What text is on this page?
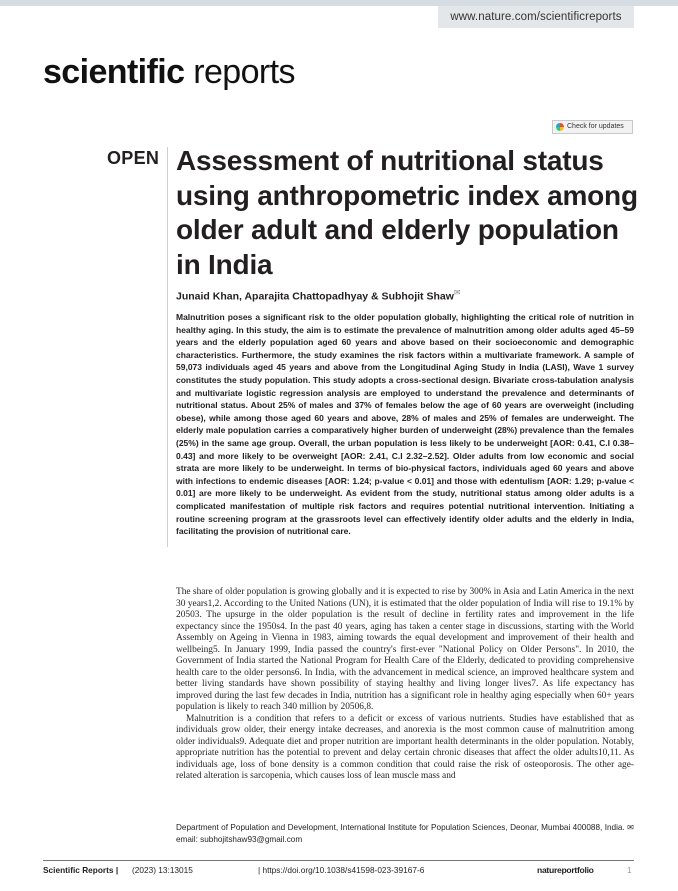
www.nature.com/scientificreports
scientific reports
Check for updates
OPEN Assessment of nutritional status using anthropometric index among older adult and elderly population in India
Junaid Khan, Aparajita Chattopadhyay & Subhojit Shaw✉
Malnutrition poses a significant risk to the older population globally, highlighting the critical role of nutrition in healthy aging. In this study, the aim is to estimate the prevalence of malnutrition among older adults aged 45–59 years and the elderly population aged 60 years and above based on their socioeconomic and demographic characteristics. Furthermore, the study examines the risk factors within a multivariate framework. A sample of 59,073 individuals aged 45 years and above from the Longitudinal Aging Study in India (LASI), Wave 1 survey constitutes the study population. This study adopts a cross-sectional design. Bivariate cross-tabulation analysis and multivariate logistic regression analysis are employed to understand the prevalence and determinants of nutritional status. About 25% of males and 37% of females below the age of 60 years are overweight (including obese), while among those aged 60 years and above, 28% of males and 25% of females are underweight. The elderly male population carries a comparatively higher burden of underweight (28%) prevalence than the females (25%) in the same age group. Overall, the urban population is less likely to be underweight [AOR: 0.41, C.I 0.38–0.43] and more likely to be overweight [AOR: 2.41, C.I 2.32–2.52]. Older adults from low economic and social strata are more likely to be underweight. In terms of bio-physical factors, individuals aged 60 years and above with infections to endemic diseases [AOR: 1.24; p-value < 0.01] and those with edentulism [AOR: 1.29; p-value < 0.01] are more likely to be underweight. As evident from the study, nutritional status among older adults is a complicated manifestation of multiple risk factors and requires potential nutritional intervention. Initiating a routine screening program at the grassroots level can effectively identify older adults and the elderly in India, facilitating the provision of nutritional care.

The share of older population is growing globally and it is expected to rise by 300% in Asia and Latin America in the next 30 years1,2. According to the United Nations (UN), it is estimated that the older population of India will rise to 19.1% by 20503. The upsurge in the older population is the result of decline in fertility rates and improvement in the life expectancy since the 1950s4. In the past 40 years, aging has taken a center stage in discussions, starting with the World Assembly on Ageing in Vienna in 1983, aiming towards the equal development and improvement of their health and wellbeing5. In January 1999, India passed the country's first-ever "National Policy on Older Persons". In 2010, the Government of India started the National Program for Health Care of the Elderly, dedicated to providing comprehensive health care to the older persons6. In India, with the advancement in medical science, an improved healthcare system and better living standards have shown possibility of staying healthy and living longer lives7. As life expectancy has improved during the last few decades in India, nutrition has a significant role in healthy aging especially when 60+ years population is likely to reach 340 million by 20506,8.

Malnutrition is a condition that refers to a deficit or excess of various nutrients. Studies have established that as individuals grow older, their energy intake decreases, and anorexia is the most common cause of malnutrition among older individuals9. Adequate diet and proper nutrition are important health determinants in the older population. Notably, appropriate nutrition has the potential to prevent and delay certain chronic diseases that affect the older adults10,11. As individuals age, loss of bone density is a common condition that could raise the risk of osteoporosis. The other age-related alteration is sarcopenia, which causes loss of lean muscle mass and

Department of Population and Development, International Institute for Population Sciences, Deonar, Mumbai 400088, India. ✉email: subhojitshaw93@gmail.com
Scientific Reports | (2023) 13:13015	| https://doi.org/10.1038/s41598-023-39167-6	natureportfolio	1
